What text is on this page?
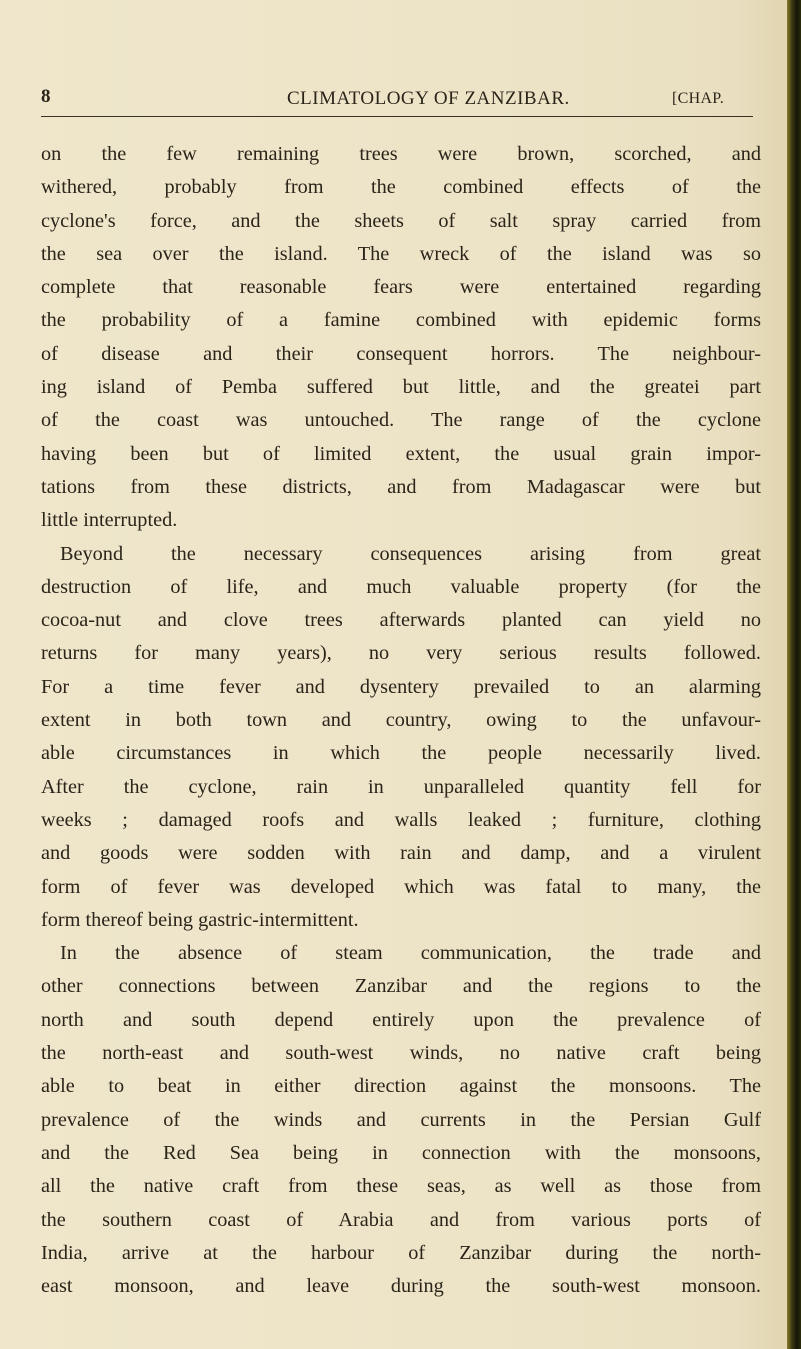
8	CLIMATOLOGY OF ZANZIBAR.	[CHAP.
on the few remaining trees were brown, scorched, and
withered, probably from the combined effects of the
cyclone's force, and the sheets of salt spray carried from
the sea over the island. The wreck of the island was so
complete that reasonable fears were entertained regarding
the probability of a famine combined with epidemic forms
of disease and their consequent horrors. The neighbour-
ing island of Pemba suffered but little, and the greatei part
of the coast was untouched. The range of the cyclone
having been but of limited extent, the usual grain impor-
tations from these districts, and from Madagascar were but
little interrupted.
Beyond the necessary consequences arising from great
destruction of life, and much valuable property (for the
cocoa-nut and clove trees afterwards planted can yield no
returns for many years), no very serious results followed.
For a time fever and dysentery prevailed to an alarming
extent in both town and country, owing to the unfavour-
able circumstances in which the people necessarily lived.
After the cyclone, rain in unparalleled quantity fell for
weeks ; damaged roofs and walls leaked ; furniture, clothing
and goods were sodden with rain and damp, and a virulent
form of fever was developed which was fatal to many, the
form thereof being gastric-intermittent.
In the absence of steam communication, the trade and
other connections between Zanzibar and the regions to the
north and south depend entirely upon the prevalence of
the north-east and south-west winds, no native craft being
able to beat in either direction against the monsoons. The
prevalence of the winds and currents in the Persian Gulf
and the Red Sea being in connection with the monsoons,
all the native craft from these seas, as well as those from
the southern coast of Arabia and from various ports of
India, arrive at the harbour of Zanzibar during the north-
east monsoon, and leave during the south-west monsoon.
